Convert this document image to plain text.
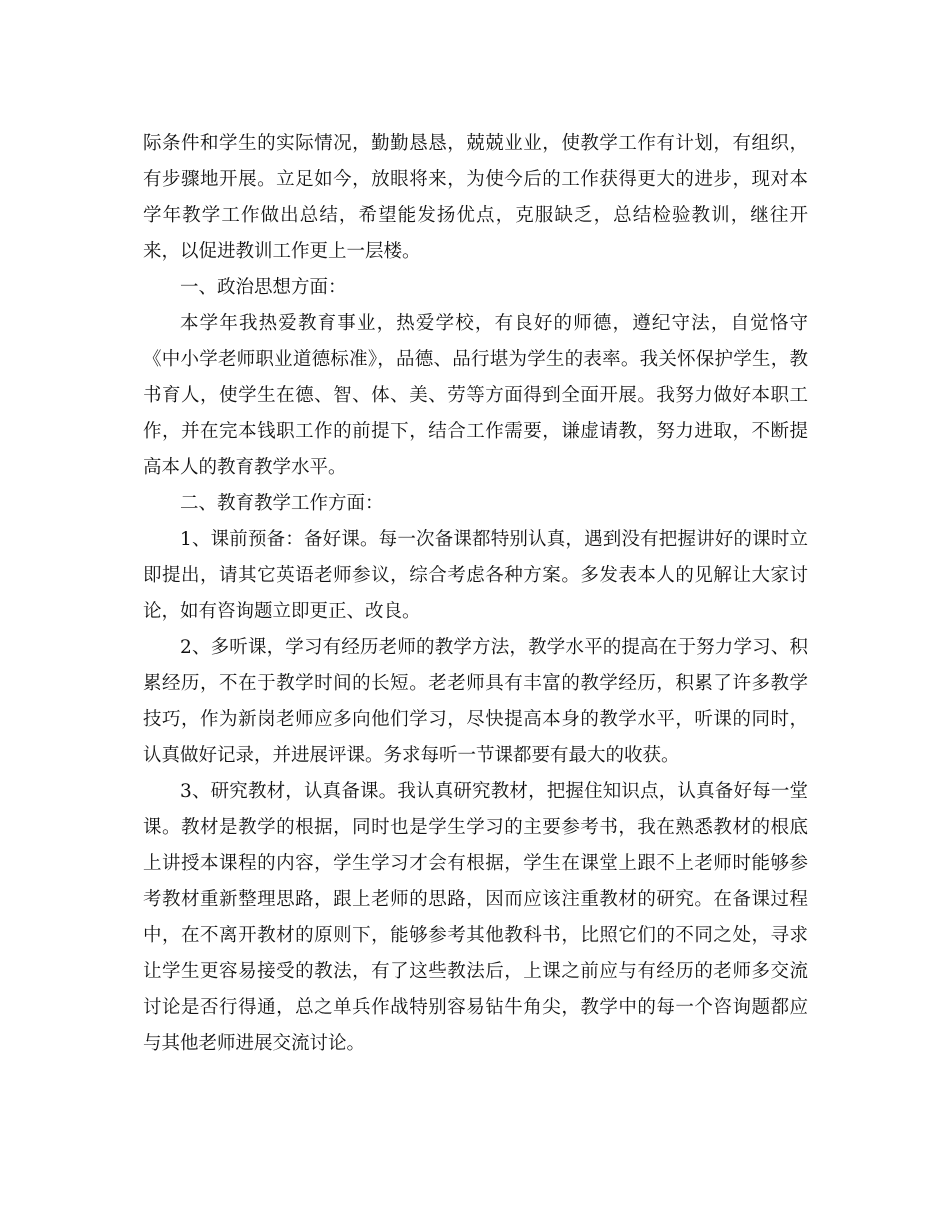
际条件和学生的实际情况，勤勤恳恳，兢兢业业，使教学工作有计划，有组织，有步骤地开展。立足如今，放眼将来，为使今后的工作获得更大的进步，现对本学年教学工作做出总结，希望能发扬优点，克服缺乏，总结检验教训，继往开来，以促进教训工作更上一层楼。

一、政治思想方面：

本学年我热爱教育事业，热爱学校，有良好的师德，遵纪守法，自觉恪守《中小学老师职业道德标准》，品德、品行堪为学生的表率。我关怀保护学生，教书育人，使学生在德、智、体、美、劳等方面得到全面开展。我努力做好本职工作，并在完本钱职工作的前提下，结合工作需要，谦虚请教，努力进取，不断提高本人的教育教学水平。

二、教育教学工作方面：

1、课前预备：备好课。每一次备课都特别认真，遇到没有把握讲好的课时立即提出，请其它英语老师参议，综合考虑各种方案。多发表本人的见解让大家讨论，如有咨询题立即更正、改良。

2、多听课，学习有经历老师的教学方法，教学水平的提高在于努力学习、积累经历，不在于教学时间的长短。老老师具有丰富的教学经历，积累了许多教学技巧，作为新岗老师应多向他们学习，尽快提高本身的教学水平，听课的同时，认真做好记录，并进展评课。务求每听一节课都要有最大的收获。

3、研究教材，认真备课。我认真研究教材，把握住知识点，认真备好每一堂课。教材是教学的根据，同时也是学生学习的主要参考书，我在熟悉教材的根底上讲授本课程的内容，学生学习才会有根据，学生在课堂上跟不上老师时能够参考教材重新整理思路，跟上老师的思路，因而应该注重教材的研究。在备课过程中，在不离开教材的原则下，能够参考其他教科书，比照它们的不同之处，寻求让学生更容易接受的教法，有了这些教法后，上课之前应与有经历的老师多交流讨论是否行得通，总之单兵作战特别容易钻牛角尖，教学中的每一个咨询题都应与其他老师进展交流讨论。
